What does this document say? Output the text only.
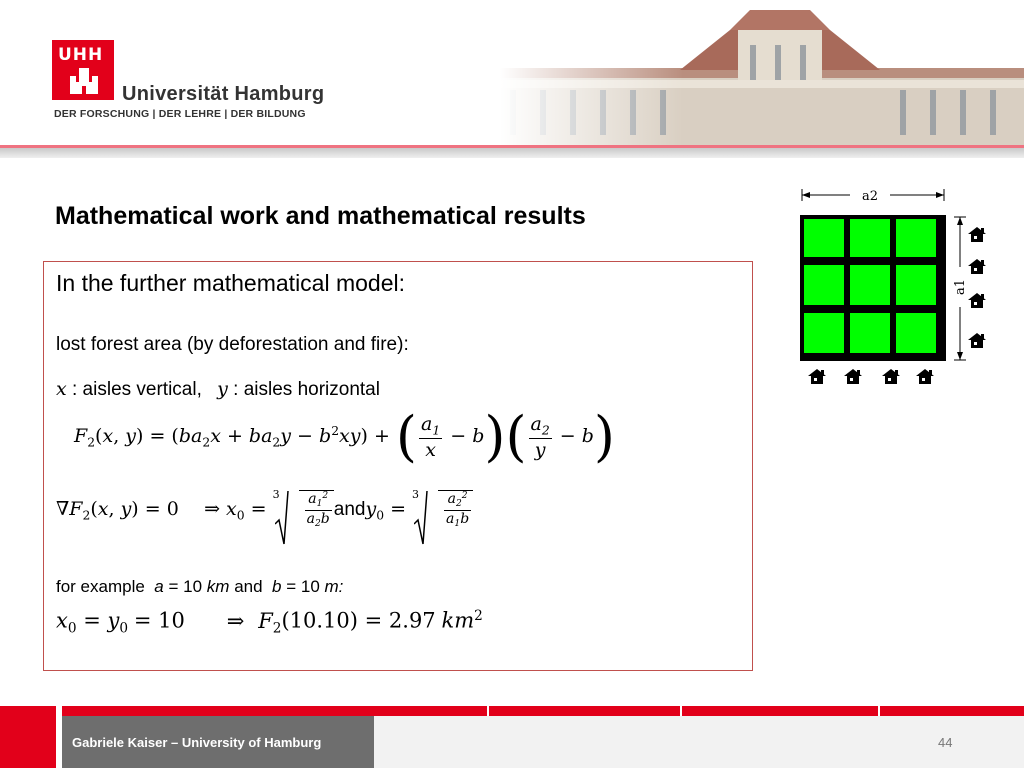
UHH
Universität Hamburg
DER FORSCHUNG | DER LEHRE | DER BILDUNG
Mathematical work and mathematical results
In the further mathematical model:
lost forest area (by deforestation and fire):
x : aisles vertical, y : aisles horizontal
$F_2(x$, $y) = (ba_2x + ba_2y - b^2xy)$ + ( $\frac{a_1}{x} - b)( \frac{a_2}{y} - b)$
$\nabla F_2(x$, y) = 0 ⇒ $x_0$ =
$3 \frac{a_1^2}{a_2b}$ andy$_0$ =
$3 \frac{a_2^2}{a_1b}$
for example a = 10 km and b = 10 m:
$x_0 = y_0 = 10$ ⇒ $F_2(10.10) = 2.97$ $km^2$
a2
a1
Gabriele Kaiser – University of Hamburg	44
